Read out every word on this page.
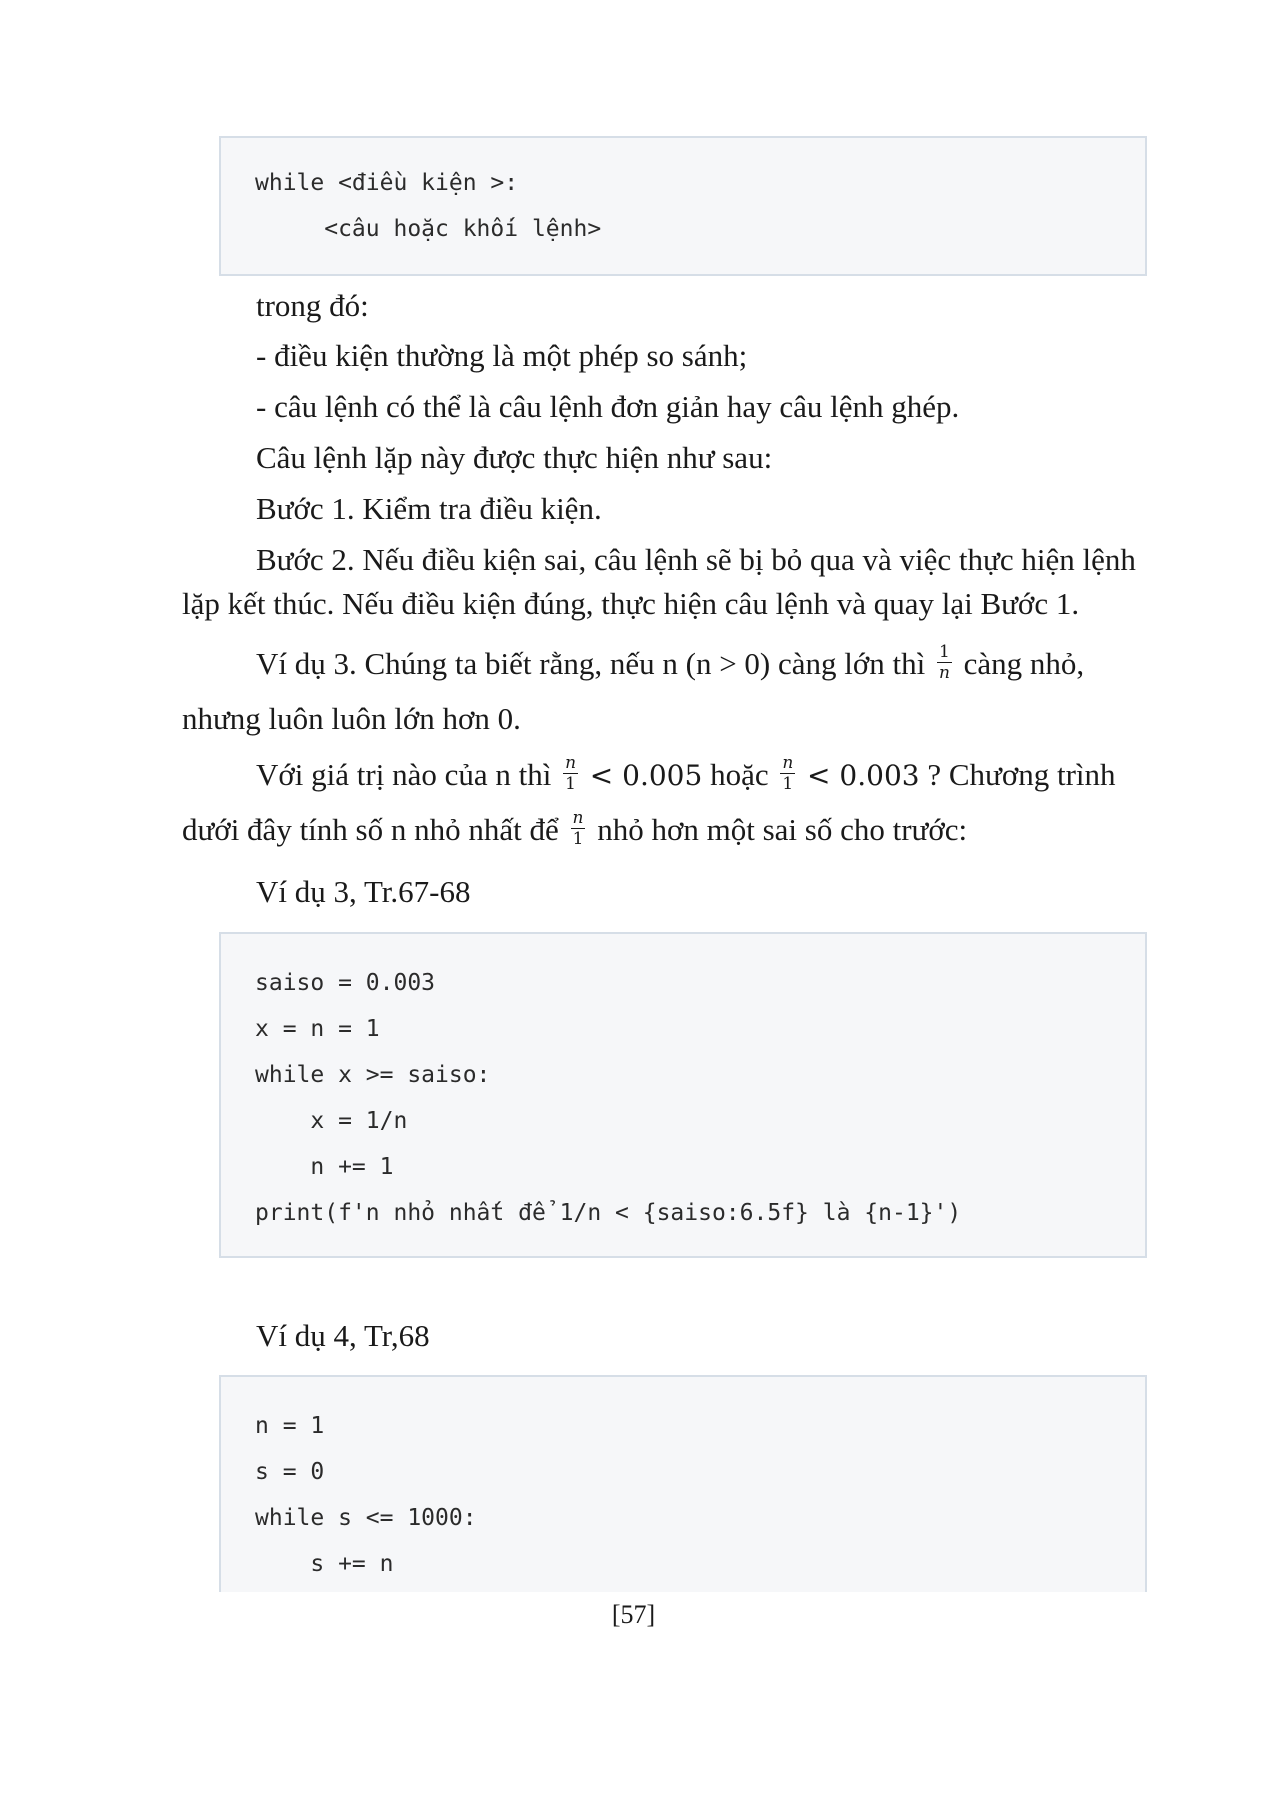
while <điều kiện >:
<câu hoặc khối lệnh>
trong đó:
- điều kiện thường là một phép so sánh;
- câu lệnh có thể là câu lệnh đơn giản hay câu lệnh ghép.
Câu lệnh lặp này được thực hiện như sau:
Bước 1. Kiểm tra điều kiện.
Bước 2. Nếu điều kiện sai, câu lệnh sẽ bị bỏ qua và việc thực hiện lệnh
lặp kết thúc. Nếu điều kiện đúng, thực hiện câu lệnh và quay lại Bước 1.
Ví dụ 3. Chúng ta biết rằng, nếu n (n > 0) càng lớn thì $\frac{1}{n}$ càng nhỏ,
nhưng luôn luôn lớn hơn 0.
Với giá trị nào của n thì $\frac{n}{1} < 0.005$ hoặc $\frac{n}{1} < 0.003$ ? Chương trình
dưới đây tính số n nhỏ nhất để $\frac{n}{1}$ nhỏ hơn một sai số cho trước:
Ví dụ 3, Tr.67-68
saiso = 0.003
x = n = 1
while x >= saiso:
x = 1/n
n += 1
print(f'n nhỏ nhất để 1/n < {saiso:6.5f} là {n-1}')
Ví dụ 4, Tr,68
n = 1
s = 0
while s <= 1000:
s += n
[57]
